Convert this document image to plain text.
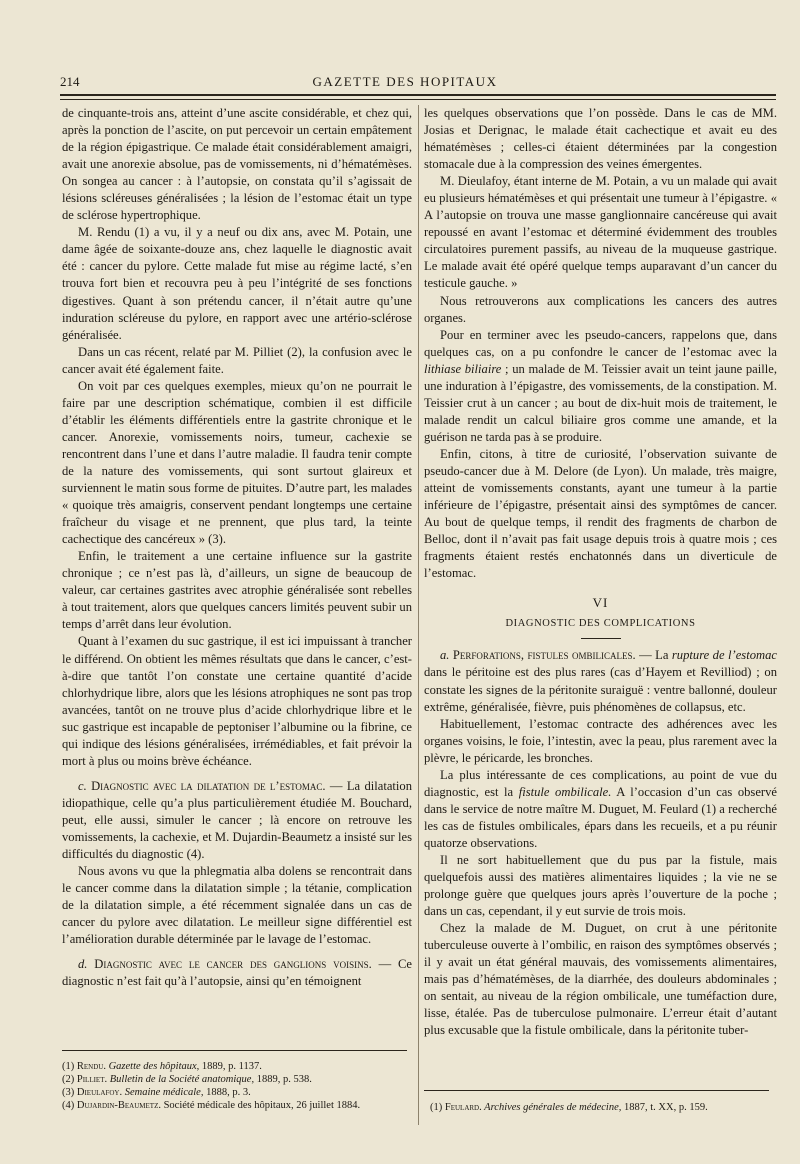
214	GAZETTE DES HOPITAUX

de cinquante-trois ans, atteint d’une ascite considérable, et chez qui, après la ponction de l’ascite, on put percevoir un certain empâtement de la région épigastrique. Ce malade était considérablement amaigri, avait une anorexie absolue, pas de vomissements, ni d’hématémèses. On songea au cancer : à l’autopsie, on constata qu’il s’agissait de lésions scléreuses généralisées ; la lésion de l’estomac était un type de sclérose hypertrophique.

M. Rendu (1) a vu, il y a neuf ou dix ans, avec M. Potain, une dame âgée de soixante-douze ans, chez laquelle le diagnostic avait été : cancer du pylore. Cette malade fut mise au régime lacté, s’en trouva fort bien et recouvra peu à peu l’intégrité de ses fonctions digestives. Quant à son prétendu cancer, il n’était autre qu’une induration scléreuse du pylore, en rapport avec une artério-sclérose généralisée.

Dans un cas récent, relaté par M. Pilliet (2), la confusion avec le cancer avait été également faite.

On voit par ces quelques exemples, mieux qu’on ne pourrait le faire par une description schématique, combien il est difficile d’établir les éléments différentiels entre la gastrite chronique et le cancer. Anorexie, vomissements noirs, tumeur, cachexie se rencontrent dans l’une et dans l’autre maladie. Il faudra tenir compte de la nature des vomissements, qui sont surtout glaireux et surviennent le matin sous forme de pituites. D’autre part, les malades « quoique très amaigris, conservent pendant longtemps une certaine fraîcheur du visage et ne prennent, que plus tard, la teinte cachectique des cancéreux » (3).

Enfin, le traitement a une certaine influence sur la gastrite chronique ; ce n’est pas là, d’ailleurs, un signe de beaucoup de valeur, car certaines gastrites avec atrophie généralisée sont rebelles à tout traitement, alors que quelques cancers limités peuvent subir un temps d’arrêt dans leur évolution.

Quant à l’examen du suc gastrique, il est ici impuissant à trancher le différend. On obtient les mêmes résultats que dans le cancer, c’est-à-dire que tantôt l’on constate une certaine quantité d’acide chlorhydrique libre, alors que les lésions atrophiques ne sont pas trop avancées, tantôt on ne trouve plus d’acide chlorhydrique libre et le suc gastrique est incapable de peptoniser l’albumine ou la fibrine, ce qui indique des lésions généralisées, irrémédiables, et fait prévoir la mort à plus ou moins brève échéance.

c. Diagnostic avec la dilatation de l’estomac. — La dilatation idiopathique, celle qu’a plus particulièrement étudiée M. Bouchard, peut, elle aussi, simuler le cancer ; là encore on retrouve les vomissements, la cachexie, et M. Dujardin-Beaumetz a insisté sur les difficultés du diagnostic (4).

Nous avons vu que la phlegmatia alba dolens se rencontrait dans le cancer comme dans la dilatation simple ; la tétanie, complication de la dilatation simple, a été récemment signalée dans un cas de cancer du pylore avec dilatation. Le meilleur signe différentiel est l’amélioration durable déterminée par le lavage de l’estomac.

d. Diagnostic avec le cancer des ganglions voisins. — Ce diagnostic n’est fait qu’à l’autopsie, ainsi qu’en témoignent

(1) Rendu. Gazette des hôpitaux, 1889, p. 1137.
(2) Pilliet. Bulletin de la Société anatomique, 1889, p. 538.
(3) Dieulafoy. Semaine médicale, 1888, p. 3.
(4) Dujardin-Beaumetz. Société médicale des hôpitaux, 26 juillet 1884.

les quelques observations que l’on possède. Dans le cas de MM. Josias et Derignac, le malade était cachectique et avait eu des hématémèses ; celles-ci étaient déterminées par la congestion stomacale due à la compression des veines émergentes.

M. Dieulafoy, étant interne de M. Potain, a vu un malade qui avait eu plusieurs hématémèses et qui présentait une tumeur à l’épigastre. « A l’autopsie on trouva une masse ganglionnaire cancéreuse qui avait repoussé en avant l’estomac et déterminé évidemment des troubles circulatoires purement passifs, au niveau de la muqueuse gastrique. Le malade avait été opéré quelque temps auparavant d’un cancer du testicule gauche. »

Nous retrouverons aux complications les cancers des autres organes.

Pour en terminer avec les pseudo-cancers, rappelons que, dans quelques cas, on a pu confondre le cancer de l’estomac avec la lithiase biliaire ; un malade de M. Teissier avait un teint jaune paille, une induration à l’épigastre, des vomissements, de la constipation. M. Teissier crut à un cancer ; au bout de dix-huit mois de traitement, le malade rendit un calcul biliaire gros comme une amande, et la guérison ne tarda pas à se produire.

Enfin, citons, à titre de curiosité, l’observation suivante de pseudo-cancer due à M. Delore (de Lyon). Un malade, très maigre, atteint de vomissements constants, ayant une tumeur à la partie inférieure de l’épigastre, présentait ainsi des symptômes de cancer. Au bout de quelque temps, il rendit des fragments de charbon de Belloc, dont il n’avait pas fait usage depuis trois à quatre mois ; ces fragments étaient restés enchatonnés dans un diverticule de l’estomac.

VI
DIAGNOSTIC DES COMPLICATIONS

a. Perforations, fistules ombilicales. — La rupture de l’estomac dans le péritoine est des plus rares (cas d’Hayem et Revilliod) ; on constate les signes de la péritonite suraiguë : ventre ballonné, douleur extrême, généralisée, fièvre, puis phénomènes de collapsus, etc.

Habituellement, l’estomac contracte des adhérences avec les organes voisins, le foie, l’intestin, avec la peau, plus rarement avec la plèvre, le péricarde, les bronches.

La plus intéressante de ces complications, au point de vue du diagnostic, est la fistule ombilicale. A l’occasion d’un cas observé dans le service de notre maître M. Duguet, M. Feulard (1) a recherché les cas de fistules ombilicales, épars dans les recueils, et a pu réunir quatorze observations.

Il ne sort habituellement que du pus par la fistule, mais quelquefois aussi des matières alimentaires liquides ; la vie ne se prolonge guère que quelques jours après l’ouverture de la poche ; dans un cas, cependant, il y eut survie de trois mois.

Chez la malade de M. Duguet, on crut à une péritonite tuberculeuse ouverte à l’ombilic, en raison des symptômes observés ; il y avait un état général mauvais, des vomissements alimentaires, mais pas d’hématémèses, de la diarrhée, des douleurs abdominales ; on sentait, au niveau de la région ombilicale, une tuméfaction dure, lisse, étalée. Pas de tuberculose pulmonaire. L’erreur était d’autant plus excusable que la fistule ombilicale, dans la péritonite tuber-

(1) Feulard. Archives générales de médecine, 1887, t. XX, p. 159.
